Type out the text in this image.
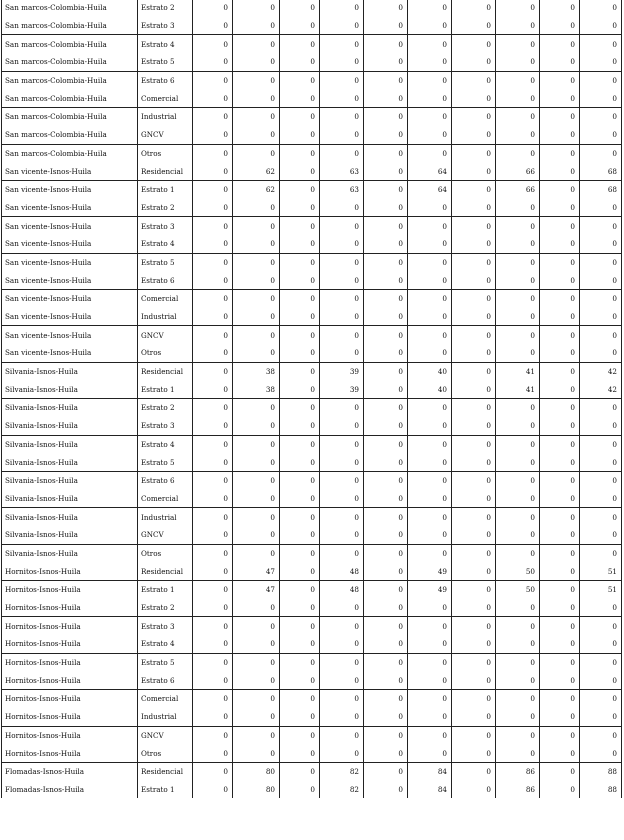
San marcos-Colombia-Huila	Estrato 2	0	0	0	0	0	0	0	0	0	0
San marcos-Colombia-Huila	Estrato 3	0	0	0	0	0	0	0	0	0	0
San marcos-Colombia-Huila	Estrato 4	0	0	0	0	0	0	0	0	0	0
San marcos-Colombia-Huila	Estrato 5	0	0	0	0	0	0	0	0	0	0
San marcos-Colombia-Huila	Estrato 6	0	0	0	0	0	0	0	0	0	0
San marcos-Colombia-Huila	Comercial	0	0	0	0	0	0	0	0	0	0
San marcos-Colombia-Huila	Industrial	0	0	0	0	0	0	0	0	0	0
San marcos-Colombia-Huila	GNCV	0	0	0	0	0	0	0	0	0	0
San marcos-Colombia-Huila	Otros	0	0	0	0	0	0	0	0	0	0
San vicente-Isnos-Huila	Residencial	0	62	0	63	0	64	0	66	0	68
San vicente-Isnos-Huila	Estrato 1	0	62	0	63	0	64	0	66	0	68
San vicente-Isnos-Huila	Estrato 2	0	0	0	0	0	0	0	0	0	0
San vicente-Isnos-Huila	Estrato 3	0	0	0	0	0	0	0	0	0	0
San vicente-Isnos-Huila	Estrato 4	0	0	0	0	0	0	0	0	0	0
San vicente-Isnos-Huila	Estrato 5	0	0	0	0	0	0	0	0	0	0
San vicente-Isnos-Huila	Estrato 6	0	0	0	0	0	0	0	0	0	0
San vicente-Isnos-Huila	Comercial	0	0	0	0	0	0	0	0	0	0
San vicente-Isnos-Huila	Industrial	0	0	0	0	0	0	0	0	0	0
San vicente-Isnos-Huila	GNCV	0	0	0	0	0	0	0	0	0	0
San vicente-Isnos-Huila	Otros	0	0	0	0	0	0	0	0	0	0
Silvania-Isnos-Huila	Residencial	0	38	0	39	0	40	0	41	0	42
Silvania-Isnos-Huila	Estrato 1	0	38	0	39	0	40	0	41	0	42
Silvania-Isnos-Huila	Estrato 2	0	0	0	0	0	0	0	0	0	0
Silvania-Isnos-Huila	Estrato 3	0	0	0	0	0	0	0	0	0	0
Silvania-Isnos-Huila	Estrato 4	0	0	0	0	0	0	0	0	0	0
Silvania-Isnos-Huila	Estrato 5	0	0	0	0	0	0	0	0	0	0
Silvania-Isnos-Huila	Estrato 6	0	0	0	0	0	0	0	0	0	0
Silvania-Isnos-Huila	Comercial	0	0	0	0	0	0	0	0	0	0
Silvania-Isnos-Huila	Industrial	0	0	0	0	0	0	0	0	0	0
Silvania-Isnos-Huila	GNCV	0	0	0	0	0	0	0	0	0	0
Silvania-Isnos-Huila	Otros	0	0	0	0	0	0	0	0	0	0
Hornitos-Isnos-Huila	Residencial	0	47	0	48	0	49	0	50	0	51
Hornitos-Isnos-Huila	Estrato 1	0	47	0	48	0	49	0	50	0	51
Hornitos-Isnos-Huila	Estrato 2	0	0	0	0	0	0	0	0	0	0
Hornitos-Isnos-Huila	Estrato 3	0	0	0	0	0	0	0	0	0	0
Hornitos-Isnos-Huila	Estrato 4	0	0	0	0	0	0	0	0	0	0
Hornitos-Isnos-Huila	Estrato 5	0	0	0	0	0	0	0	0	0	0
Hornitos-Isnos-Huila	Estrato 6	0	0	0	0	0	0	0	0	0	0
Hornitos-Isnos-Huila	Comercial	0	0	0	0	0	0	0	0	0	0
Hornitos-Isnos-Huila	Industrial	0	0	0	0	0	0	0	0	0	0
Hornitos-Isnos-Huila	GNCV	0	0	0	0	0	0	0	0	0	0
Hornitos-Isnos-Huila	Otros	0	0	0	0	0	0	0	0	0	0
Flomadas-Isnos-Huila	Residencial	0	80	0	82	0	84	0	86	0	88
Flomadas-Isnos-Huila	Estrato 1	0	80	0	82	0	84	0	86	0	88
